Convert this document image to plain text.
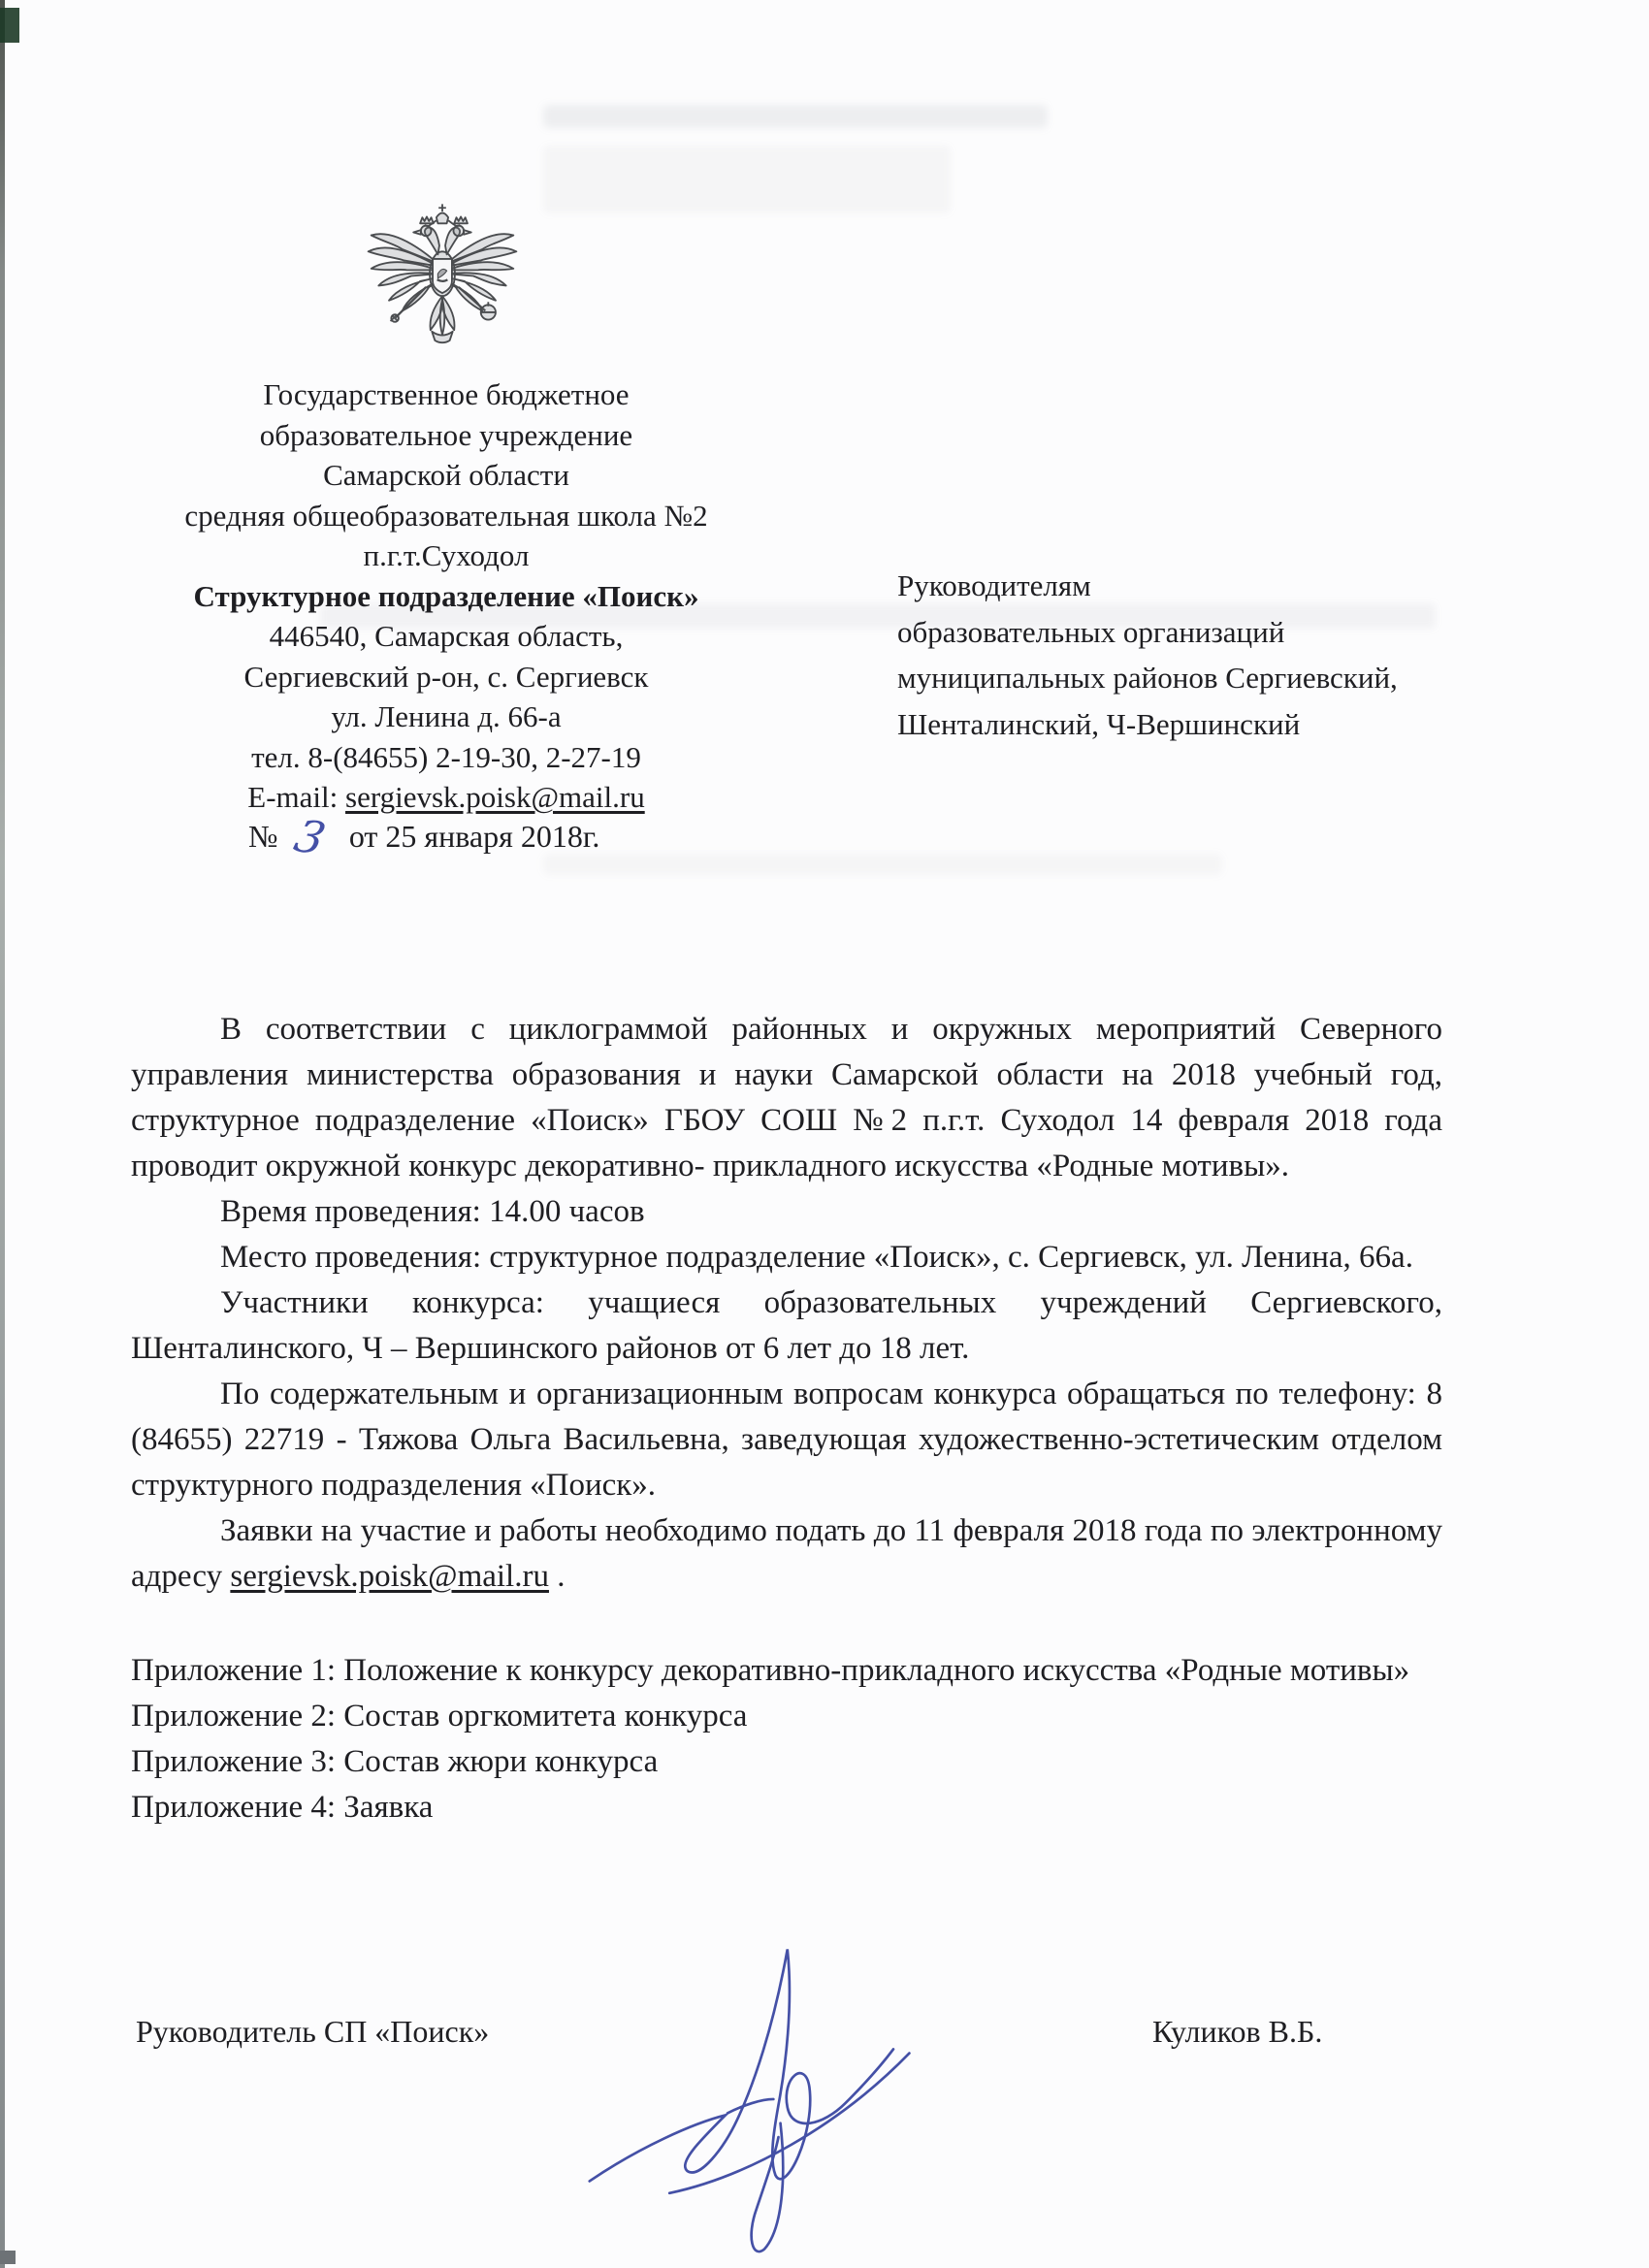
Государственное бюджетное
образовательное учреждение
Самарской области
средняя общеобразовательная школа №2
п.г.т.Суходол
Структурное подразделение «Поиск»
446540, Самарская область,
Сергиевский р-он, с. Сергиевск
ул. Ленина д. 66-а
тел. 8-(84655) 2-19-30, 2-27-19
E-mail: sergievsk.poisk@mail.ru
№ 3 от 25 января 2018г.
Руководителям
образовательных организаций
муниципальных районов Сергиевский,
Шенталинский, Ч-Вершинский

В соответствии с циклограммой районных и окружных мероприятий Северного управления министерства образования и науки Самарской области на 2018 учебный год, структурное подразделение «Поиск» ГБОУ СОШ №2 п.г.т. Суходол 14 февраля 2018 года проводит окружной конкурс декоративно- прикладного искусства «Родные мотивы».

Время проведения: 14.00 часов

Место проведения: структурное подразделение «Поиск», с. Сергиевск, ул. Ленина, 66а.

Участники конкурса: учащиеся образовательных учреждений Сергиевского, Шенталинского, Ч – Вершинского районов от 6 лет до 18 лет.

По содержательным и организационным вопросам конкурса обращаться по телефону: 8 (84655) 22719 - Тяжова Ольга Васильевна, заведующая художественно-эстетическим отделом структурного подразделения «Поиск».

Заявки на участие и работы необходимо подать до 11 февраля 2018 года по электронному адресу sergievsk.poisk@mail.ru .

Приложение 1: Положение к конкурсу декоративно-прикладного искусства «Родные мотивы»

Приложение 2: Состав оргкомитета конкурса

Приложение 3: Состав жюри конкурса

Приложение 4: Заявка

Руководитель СП «Поиск»	Куликов В.Б.
